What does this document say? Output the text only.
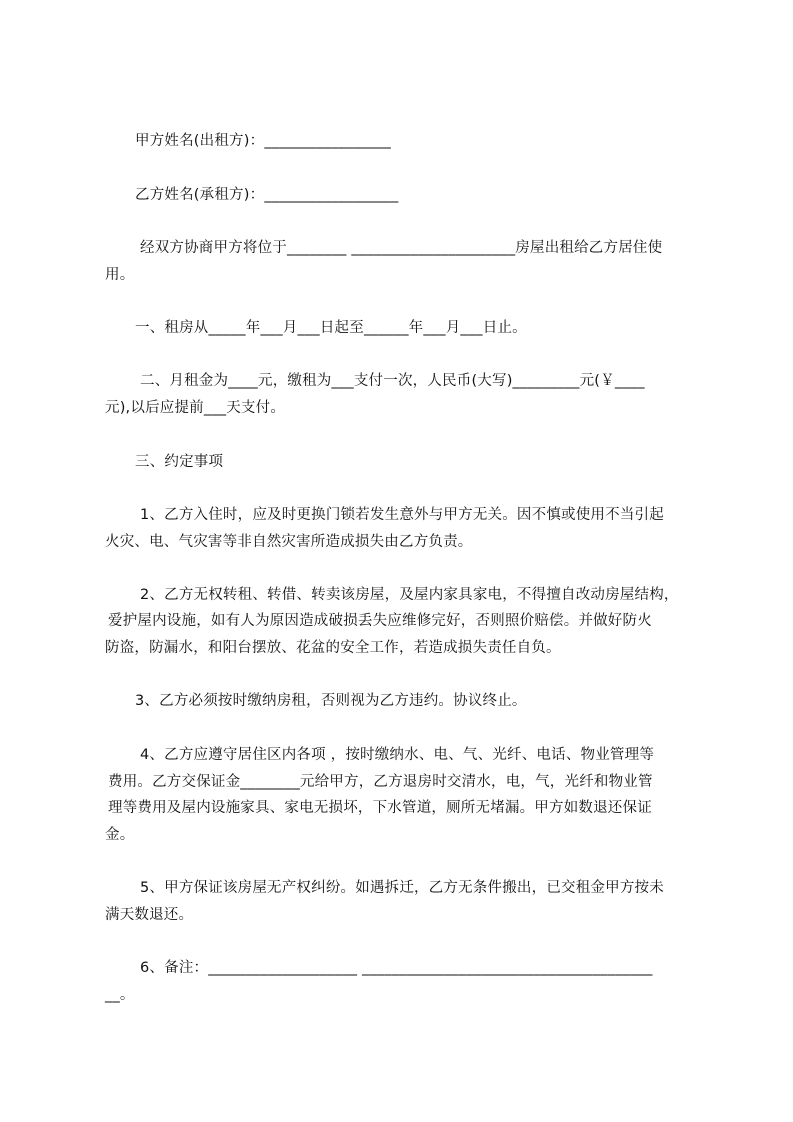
甲方姓名(出租方)：_________________
乙方姓名(承租方)：__________________
经双方协商甲方将位于________ ______________________房屋出租给乙方居住使
用。
一、租房从_____年___月___日起至______年___月___日止。
二、月租金为____元，缴租为___支付一次，人民币(大写)_________元(￥____
元),以后应提前___天支付。
三、约定事项
1、乙方入住时，应及时更换门锁若发生意外与甲方无关。因不慎或使用不当引起
火灾、电、气灾害等非自然灾害所造成损失由乙方负责。
2、乙方无权转租、转借、转卖该房屋，及屋内家具家电，不得擅自改动房屋结构，
爱护屋内设施，如有人为原因造成破损丢失应维修完好，否则照价赔偿。并做好防火
防盗，防漏水，和阳台摆放、花盆的安全工作，若造成损失责任自负。
3、乙方必须按时缴纳房租，否则视为乙方违约。协议终止。
4、乙方应遵守居住区内各项 ，按时缴纳水、电、气、光纤、电话、物业管理等
费用。乙方交保证金________元给甲方，乙方退房时交清水，电，气，光纤和物业管
理等费用及屋内设施家具、家电无损坏，下水管道，厕所无堵漏。甲方如数退还保证
金。
5、甲方保证该房屋无产权纠纷。如遇拆迁，乙方无条件搬出，已交租金甲方按未
满天数退还。
6、备注：____________________ _______________________________________
__。
